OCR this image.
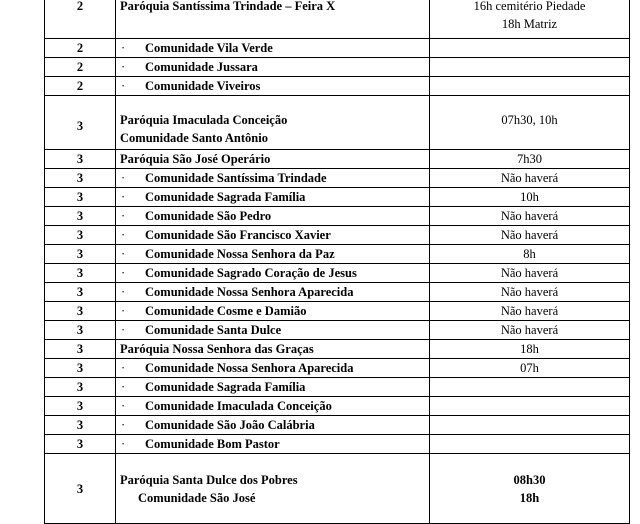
2	Paróquia Santíssima Trindade – Feira X	16h cemitério Piedade
18h Matriz

2	· Comunidade Vila Verde	
2	· Comunidade Jussara	
2	· Comunidade Viveiros	
3	Paróquia Imaculada Conceição
Comunidade Santo Antônio	07h30, 10h

3	Paróquia São José Operário	7h30

3	· Comunidade Santíssima Trindade	Não haverá

3	· Comunidade Sagrada Família	10h

3	· Comunidade São Pedro	Não haverá

3	· Comunidade São Francisco Xavier	Não haverá

3	· Comunidade Nossa Senhora da Paz	8h

3	· Comunidade Sagrado Coração de Jesus	Não haverá

3	· Comunidade Nossa Senhora Aparecida	Não haverá

3	· Comunidade Cosme e Damião	Não haverá

3	· Comunidade Santa Dulce	Não haverá

3	Paróquia Nossa Senhora das Graças	18h

3	· Comunidade Nossa Senhora Aparecida	07h

3	· Comunidade Sagrada Família	
3	· Comunidade Imaculada Conceição	
3	· Comunidade São João Calábria	
3	· Comunidade Bom Pastor	
3	Paróquia Santa Dulce dos Pobres
Comunidade São José	08h30
18h
